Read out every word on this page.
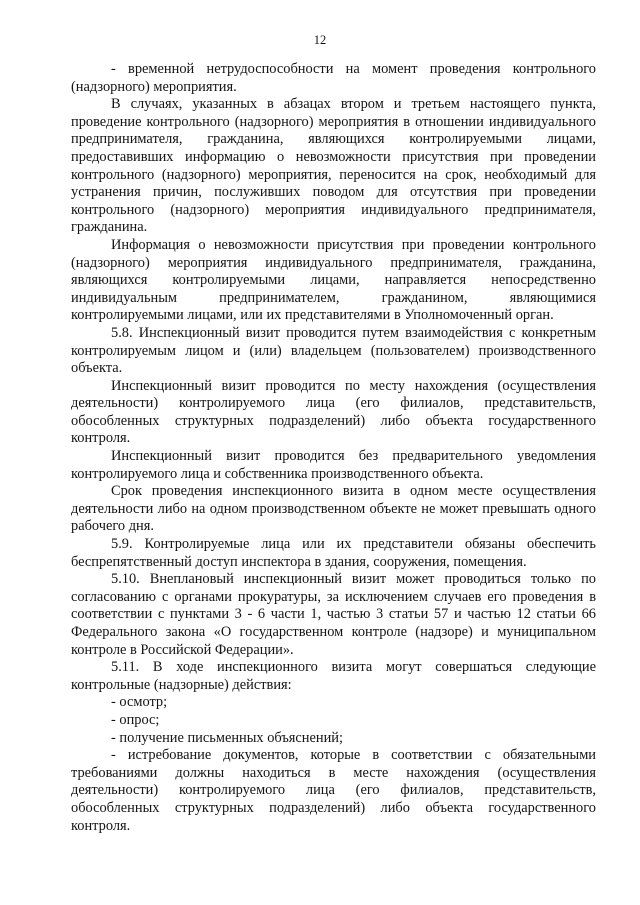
12

- временной нетрудоспособности на момент проведения контрольного (надзорного) мероприятия.

В случаях, указанных в абзацах втором и третьем настоящего пункта, проведение контрольного (надзорного) мероприятия в отношении индивидуального предпринимателя, гражданина, являющихся контролируемыми лицами, предоставивших информацию о невозможности присутствия при проведении контрольного (надзорного) мероприятия, переносится на срок, необходимый для устранения причин, послуживших поводом для отсутствия при проведении контрольного (надзорного) мероприятия индивидуального предпринимателя, гражданина.

Информация о невозможности присутствия при проведении контрольного (надзорного) мероприятия индивидуального предпринимателя, гражданина, являющихся контролируемыми лицами, направляется непосредственно индивидуальным предпринимателем, гражданином, являющимися контролируемыми лицами, или их представителями в Уполномоченный орган.

5.8. Инспекционный визит проводится путем взаимодействия с конкретным контролируемым лицом и (или) владельцем (пользователем) производственного объекта.

Инспекционный визит проводится по месту нахождения (осуществления деятельности) контролируемого лица (его филиалов, представительств, обособленных структурных подразделений) либо объекта государственного контроля.

Инспекционный визит проводится без предварительного уведомления контролируемого лица и собственника производственного объекта.

Срок проведения инспекционного визита в одном месте осуществления деятельности либо на одном производственном объекте не может превышать одного рабочего дня.

5.9. Контролируемые лица или их представители обязаны обеспечить беспрепятственный доступ инспектора в здания, сооружения, помещения.

5.10. Внеплановый инспекционный визит может проводиться только по согласованию с органами прокуратуры, за исключением случаев его проведения в соответствии с пунктами 3 - 6 части 1, частью 3 статьи 57 и частью 12 статьи 66 Федерального закона «О государственном контроле (надзоре) и муниципальном контроле в Российской Федерации».

5.11. В ходе инспекционного визита могут совершаться следующие контрольные (надзорные) действия:

- осмотр;

- опрос;

- получение письменных объяснений;

- истребование документов, которые в соответствии с обязательными требованиями должны находиться в месте нахождения (осуществления деятельности) контролируемого лица (его филиалов, представительств, обособленных структурных подразделений) либо объекта государственного контроля.
